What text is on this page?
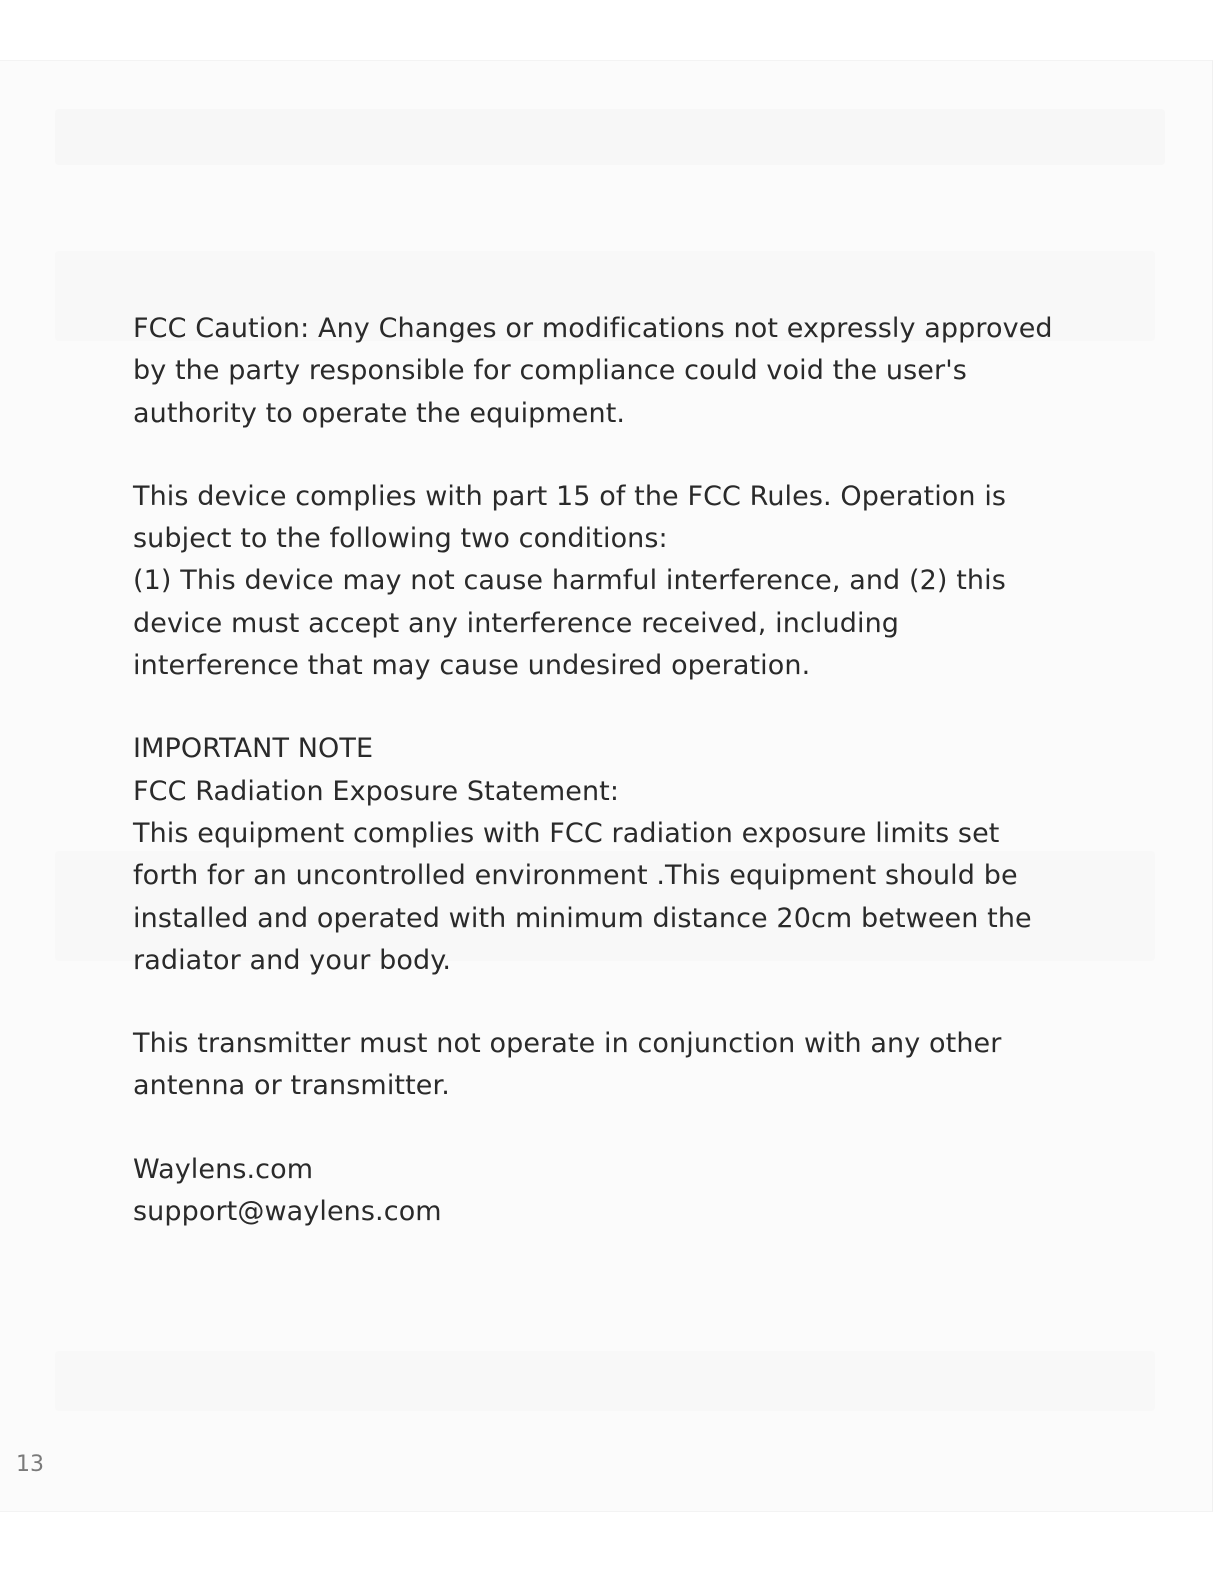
FCC Caution: Any Changes or modifications not expressly approved
by the party responsible for compliance could void the user's
authority to operate the equipment.

This device complies with part 15 of the FCC Rules. Operation is
subject to the following two conditions:
(1) This device may not cause harmful interference, and (2) this
device must accept any interference received, including
interference that may cause undesired operation.

IMPORTANT NOTE
FCC Radiation Exposure Statement:
This equipment complies with FCC radiation exposure limits set
forth for an uncontrolled environment .This equipment should be
installed and operated with minimum distance 20cm between the
radiator and your body.

This transmitter must not operate in conjunction with any other
antenna or transmitter.

Waylens.com
support@waylens.com

13
